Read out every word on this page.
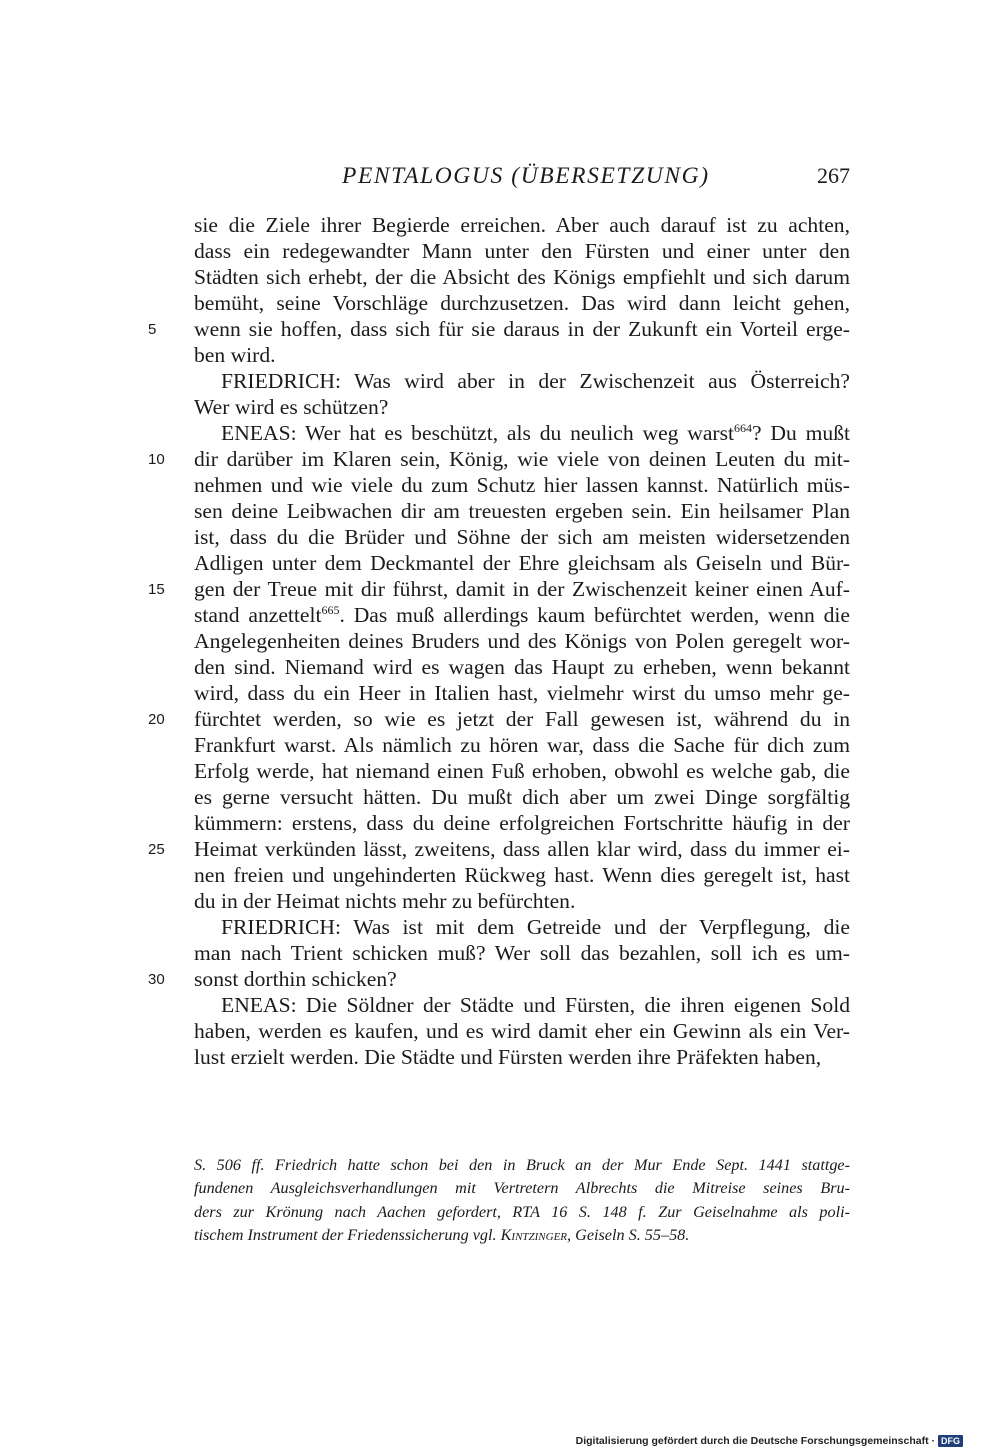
PENTALOGUS (ÜBERSETZUNG)	267
sie die Ziele ihrer Begierde erreichen. Aber auch darauf ist zu achten,
dass ein redegewandter Mann unter den Fürsten und einer unter den
Städten sich erhebt, der die Absicht des Königs empfiehlt und sich darum
bemüht, seine Vorschläge durchzusetzen. Das wird dann leicht gehen,
5 wenn sie hoffen, dass sich für sie daraus in der Zukunft ein Vorteil erge-
ben wird.
FRIEDRICH: Was wird aber in der Zwischenzeit aus Österreich?
Wer wird es schützen?
ENEAS: Wer hat es beschützt, als du neulich weg warst$^{664}$? Du mußt
10 dir darüber im Klaren sein, König, wie viele von deinen Leuten du mit-
nehmen und wie viele du zum Schutz hier lassen kannst. Natürlich müs-
sen deine Leibwachen dir am treuesten ergeben sein. Ein heilsamer Plan
ist, dass du die Brüder und Söhne der sich am meisten widersetzenden
Adligen unter dem Deckmantel der Ehre gleichsam als Geiseln und Bür-
15 gen der Treue mit dir führst, damit in der Zwischenzeit keiner einen Auf-
stand anzettelt$^{665}$. Das muß allerdings kaum befürchtet werden, wenn die
Angelegenheiten deines Bruders und des Königs von Polen geregelt wor-
den sind. Niemand wird es wagen das Haupt zu erheben, wenn bekannt
wird, dass du ein Heer in Italien hast, vielmehr wirst du umso mehr ge-
20 fürchtet werden, so wie es jetzt der Fall gewesen ist, während du in
Frankfurt warst. Als nämlich zu hören war, dass die Sache für dich zum
Erfolg werde, hat niemand einen Fuß erhoben, obwohl es welche gab, die
es gerne versucht hätten. Du mußt dich aber um zwei Dinge sorgfältig
kümmern: erstens, dass du deine erfolgreichen Fortschritte häufig in der
25 Heimat verkünden lässt, zweitens, dass allen klar wird, dass du immer ei-
nen freien und ungehinderten Rückweg hast. Wenn dies geregelt ist, hast
du in der Heimat nichts mehr zu befürchten.
FRIEDRICH: Was ist mit dem Getreide und der Verpflegung, die
man nach Trient schicken muß? Wer soll das bezahlen, soll ich es um-
30 sonst dorthin schicken?
ENEAS: Die Söldner der Städte und Fürsten, die ihren eigenen Sold
haben, werden es kaufen, und es wird damit eher ein Gewinn als ein Ver-
lust erzielt werden. Die Städte und Fürsten werden ihre Präfekten haben,
S. 506 ff. Friedrich hatte schon bei den in Bruck an der Mur Ende Sept. 1441 stattge-
fundenen Ausgleichsverhandlungen mit Vertretern Albrechts die Mitreise seines Bru-
ders zur Krönung nach Aachen gefordert, RTA 16 S. 148 f. Zur Geiselnahme als poli-
tischem Instrument der Friedenssicherung vgl. Kintzinger, Geiseln S. 55–58.
Digitalisierung gefördert durch die Deutsche Forschungsgemeinschaft · DFG
